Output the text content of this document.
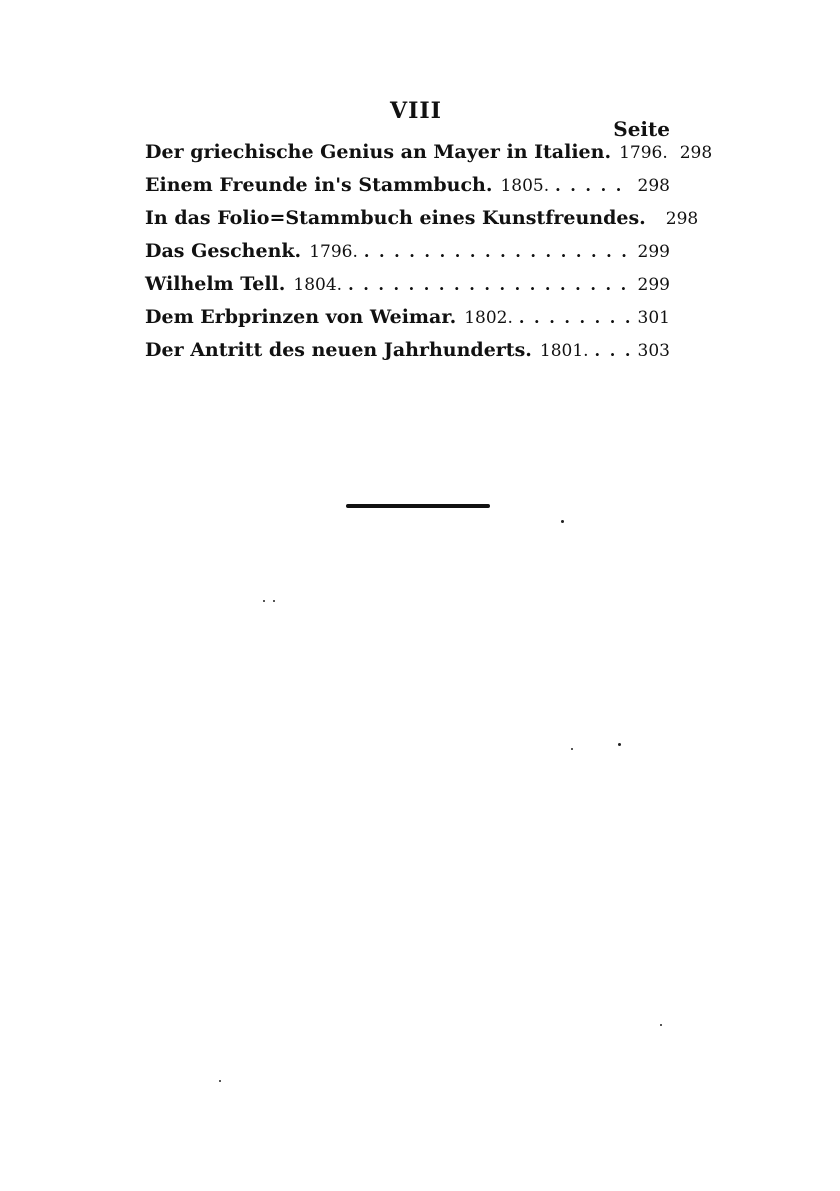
VIII
Seite
Der griechische Genius an Mayer in Italien. 1796. 298
Einem Freunde in's Stammbuch. 1805. . . .	298
In das Folio=Stammbuch eines Kunstfreundes. 298
Das Geschenk. 1796. . . .	299
Wilhelm Tell. 1804. . . .	299
Dem Erbprinzen von Weimar. 1802. . . .	301
Der Antritt des neuen Jahrhunderts. 1801. . . .	303
